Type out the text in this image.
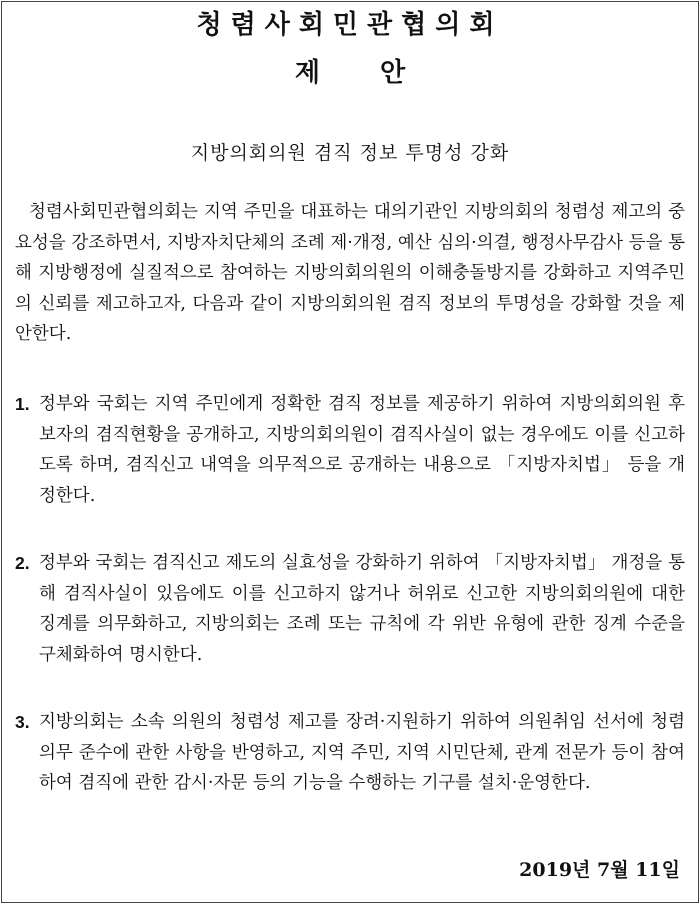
청렴사회민관협의회
제안
지방의회의원 겸직 정보 투명성 강화
청렴사회민관협의회는 지역 주민을 대표하는 대의기관인 지방의회의 청렴성 제고의 중요성을 강조하면서, 지방자치단체의 조례 제·개정, 예산 심의·의결, 행정사무감사 등을 통해 지방행정에 실질적으로 참여하는 지방의회의원의 이해충돌방지를 강화하고 지역주민의 신뢰를 제고하고자, 다음과 같이 지방의회의원 겸직 정보의 투명성을 강화할 것을 제안한다.
1. 정부와 국회는 지역 주민에게 정확한 겸직 정보를 제공하기 위하여 지방의회의원 후보자의 겸직현황을 공개하고, 지방의회의원이 겸직사실이 없는 경우에도 이를 신고하도록 하며, 겸직신고 내역을 의무적으로 공개하는 내용으로 「지방자치법」 등을 개정한다.
2. 정부와 국회는 겸직신고 제도의 실효성을 강화하기 위하여 「지방자치법」 개정을 통해 겸직사실이 있음에도 이를 신고하지 않거나 허위로 신고한 지방의회의원에 대한 징계를 의무화하고, 지방의회는 조례 또는 규칙에 각 위반 유형에 관한 징계 수준을 구체화하여 명시한다.
3. 지방의회는 소속 의원의 청렴성 제고를 장려·지원하기 위하여 의원취임 선서에 청렴의무 준수에 관한 사항을 반영하고, 지역 주민, 지역 시민단체, 관계 전문가 등이 참여하여 겸직에 관한 감시·자문 등의 기능을 수행하는 기구를 설치·운영한다.
2019년 7월 11일
